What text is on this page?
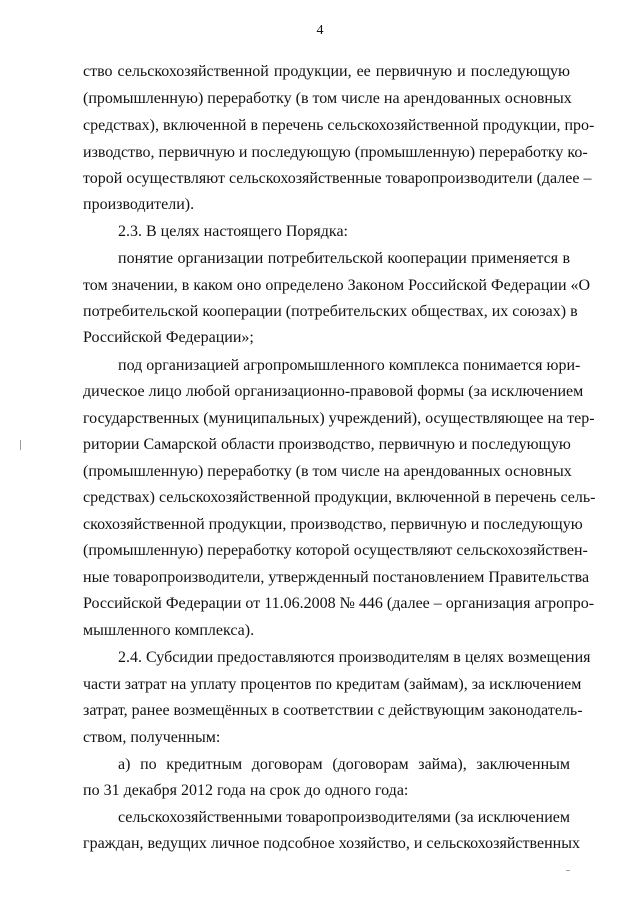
4
ство сельскохозяйственной продукции, ее первичную и последующую
(промышленную) переработку (в том числе на арендованных основных
средствах), включенной в перечень сельскохозяйственной продукции, про-
изводство, первичную и последующую (промышленную) переработку ко-
торой осуществляют сельскохозяйственные товаропроизводители (далее –
производители).
2.3. В целях настоящего Порядка:
понятие организации потребительской кооперации применяется в
том значении, в каком оно определено Законом Российской Федерации «О
потребительской кооперации (потребительских обществах, их союзах) в
Российской Федерации»;
под организацией агропромышленного комплекса понимается юри-
дическое лицо любой организационно-правовой формы (за исключением
государственных (муниципальных) учреждений), осуществляющее на тер-
ритории Самарской области производство, первичную и последующую
(промышленную) переработку (в том числе на арендованных основных
средствах) сельскохозяйственной продукции, включенной в перечень сель-
скохозяйственной продукции, производство, первичную и последующую
(промышленную) переработку которой осуществляют сельскохозяйствен-
ные товаропроизводители, утвержденный постановлением Правительства
Российской Федерации от 11.06.2008 № 446 (далее – организация агропро-
мышленного комплекса).
2.4. Субсидии предоставляются производителям в целях возмещения
части затрат на уплату процентов по кредитам (займам), за исключением
затрат, ранее возмещённых в соответствии с действующим законодатель-
ством, полученным:
а) по кредитным договорам (договорам займа), заключенным
по 31 декабря 2012 года на срок до одного года:
сельскохозяйственными товаропроизводителями (за исключением
граждан, ведущих личное подсобное хозяйство, и сельскохозяйственных
